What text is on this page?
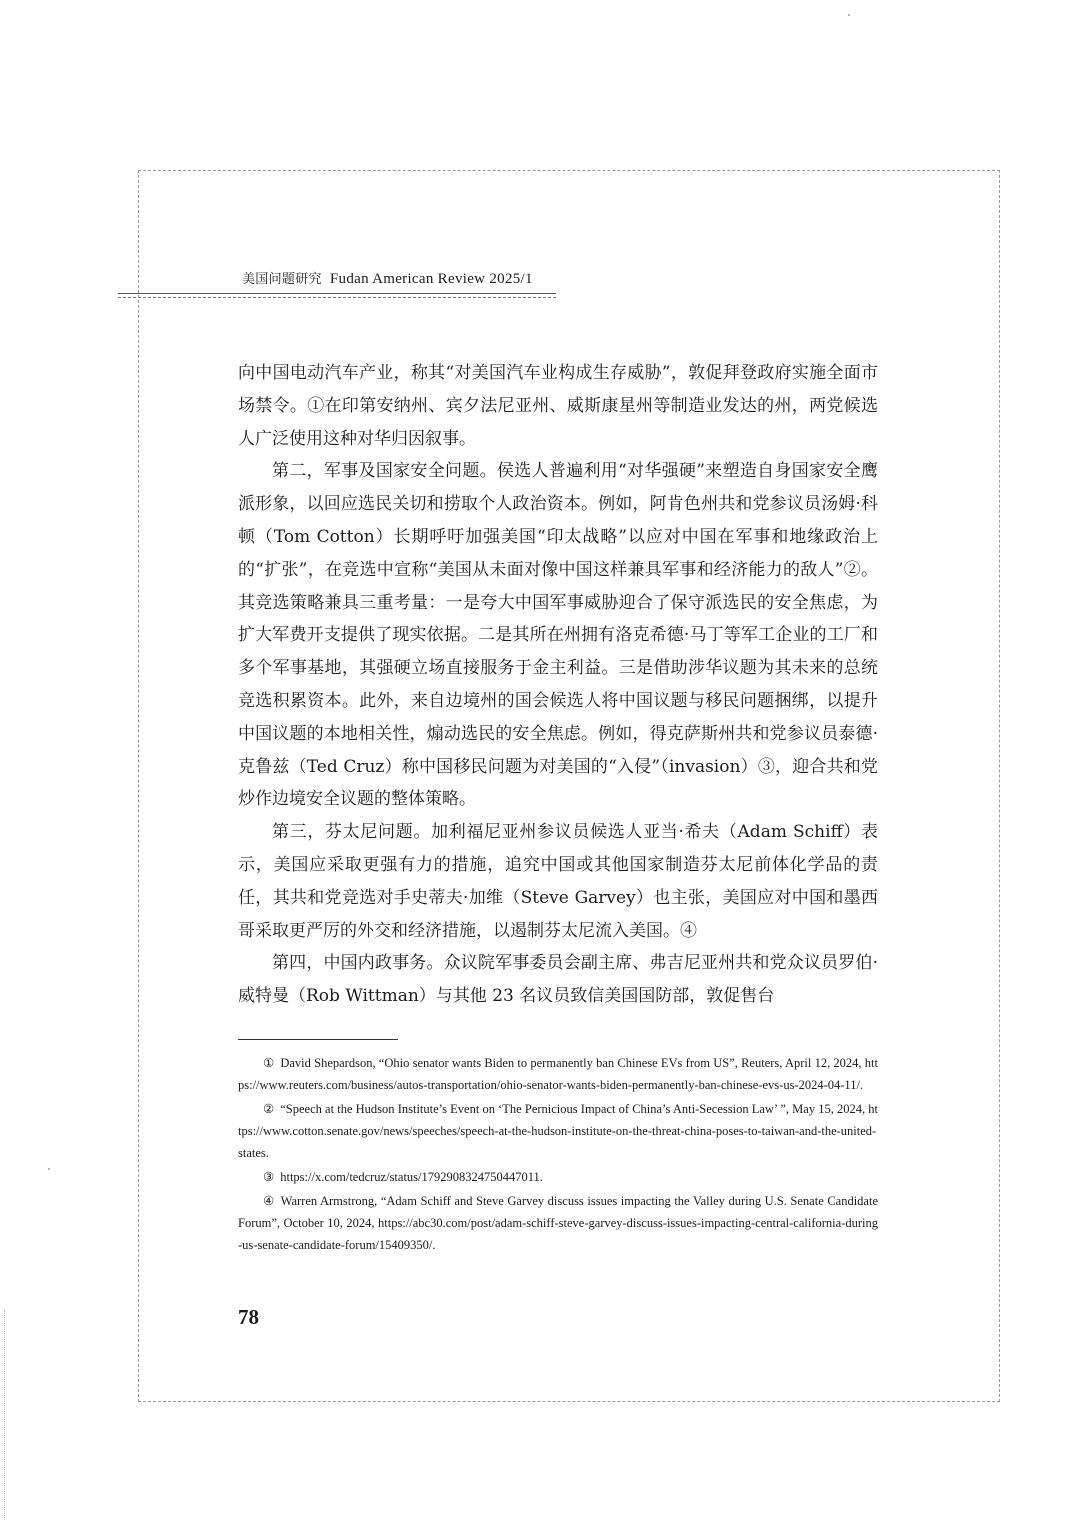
美国问题研究 Fudan American Review 2025/1

向中国电动汽车产业，称其“对美国汽车业构成生存威胁”，敦促拜登政府实施全面市场禁令。①在印第安纳州、宾夕法尼亚州、威斯康星州等制造业发达的州，两党候选人广泛使用这种对华归因叙事。

第二，军事及国家安全问题。侯选人普遍利用“对华强硬”来塑造自身国家安全鹰派形象，以回应选民关切和捞取个人政治资本。例如，阿肯色州共和党参议员汤姆·科顿（Tom Cotton）长期呼吁加强美国“印太战略”以应对中国在军事和地缘政治上的“扩张”，在竞选中宣称“美国从未面对像中国这样兼具军事和经济能力的敌人”②。其竞选策略兼具三重考量：一是夸大中国军事威胁迎合了保守派选民的安全焦虑，为扩大军费开支提供了现实依据。二是其所在州拥有洛克希德·马丁等军工企业的工厂和多个军事基地，其强硬立场直接服务于金主利益。三是借助涉华议题为其未来的总统竞选积累资本。此外，来自边境州的国会候选人将中国议题与移民问题捆绑，以提升中国议题的本地相关性，煽动选民的安全焦虑。例如，得克萨斯州共和党参议员泰德·克鲁兹（Ted Cruz）称中国移民问题为对美国的“入侵”（invasion）③，迎合共和党炒作边境安全议题的整体策略。

第三，芬太尼问题。加利福尼亚州参议员候选人亚当·希夫（Adam Schiff）表示，美国应采取更强有力的措施，追究中国或其他国家制造芬太尼前体化学品的责任，其共和党竞选对手史蒂夫·加维（Steve Garvey）也主张，美国应对中国和墨西哥采取更严厉的外交和经济措施，以遏制芬太尼流入美国。④

第四，中国内政事务。众议院军事委员会副主席、弗吉尼亚州共和党众议员罗伯·威特曼（Rob Wittman）与其他 23 名议员致信美国国防部，敦促售台

① David Shepardson, “Ohio senator wants Biden to permanently ban Chinese EVs from US”, Reuters, April 12, 2024, https://www.reuters.com/business/autos-transportation/ohio-senator-wants-biden-permanently-ban-chinese-evs-us-2024-04-11/.

② “Speech at the Hudson Institute’s Event on ‘The Pernicious Impact of China’s Anti-Secession Law’ ”, May 15, 2024, https://www.cotton.senate.gov/news/speeches/speech-at-the-hudson-institute-on-the-threat-china-poses-to-taiwan-and-the-united-states.

③ https://x.com/tedcruz/status/1792908324750447011.

④ Warren Armstrong, “Adam Schiff and Steve Garvey discuss issues impacting the Valley during U.S. Senate Candidate Forum”, October 10, 2024, https://abc30.com/post/adam-schiff-steve-garvey-discuss-issues-impacting-central-california-during-us-senate-candidate-forum/15409350/.

78
